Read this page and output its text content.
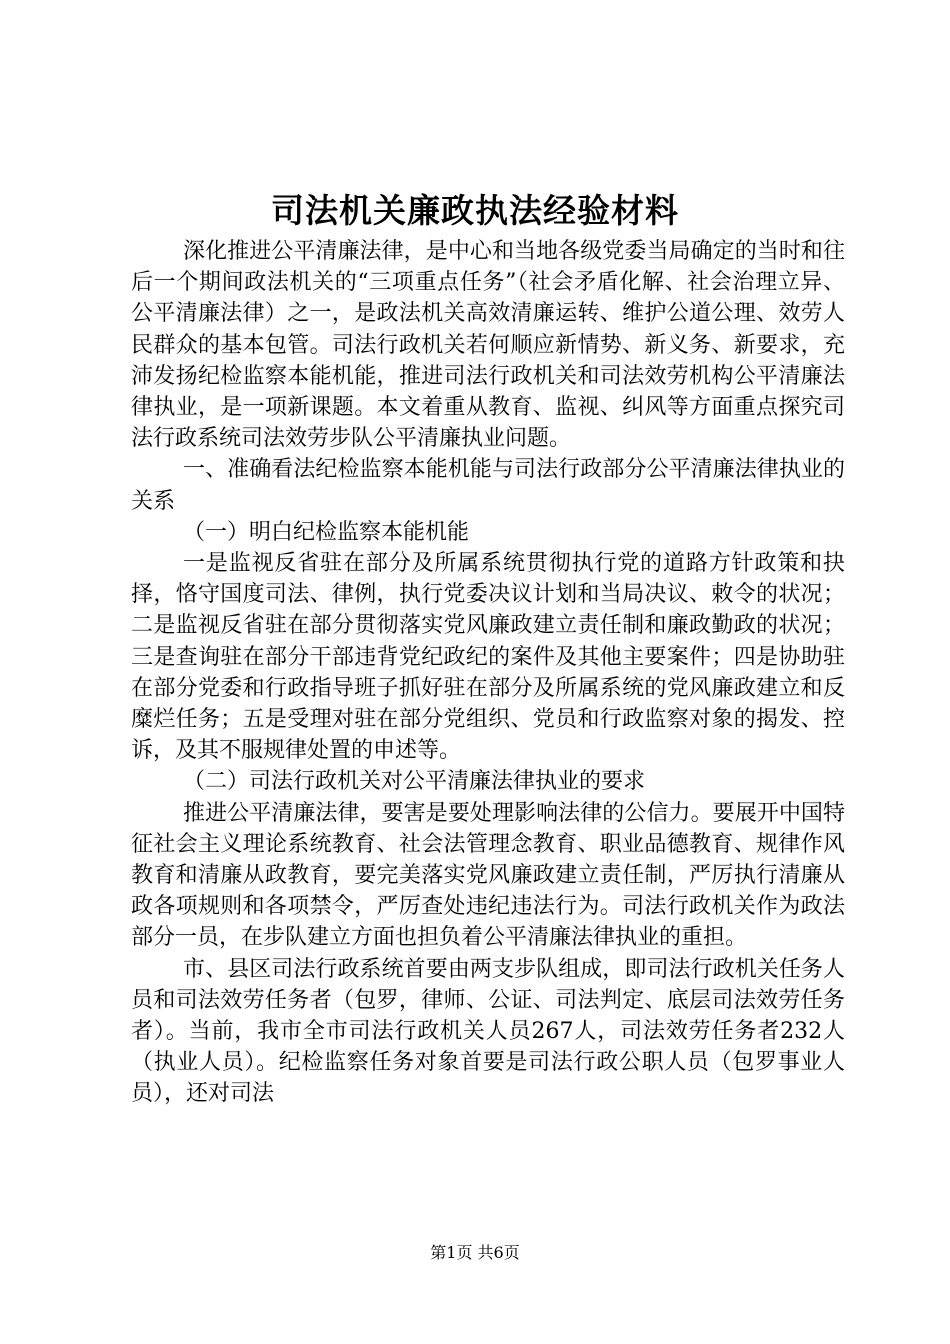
司法机关廉政执法经验材料

深化推进公平清廉法律，是中心和当地各级党委当局确定的当时和往后一个期间政法机关的“三项重点任务”（社会矛盾化解、社会治理立异、公平清廉法律）之一，是政法机关高效清廉运转、维护公道公理、效劳人民群众的基本包管。司法行政机关若何顺应新情势、新义务、新要求，充沛发扬纪检监察本能机能，推进司法行政机关和司法效劳机构公平清廉法律执业，是一项新课题。本文着重从教育、监视、纠风等方面重点探究司法行政系统司法效劳步队公平清廉执业问题。

一、准确看法纪检监察本能机能与司法行政部分公平清廉法律执业的关系

（一）明白纪检监察本能机能

一是监视反省驻在部分及所属系统贯彻执行党的道路方针政策和抉择，恪守国度司法、律例，执行党委决议计划和当局决议、敕令的状况；二是监视反省驻在部分贯彻落实党风廉政建立责任制和廉政勤政的状况；三是查询驻在部分干部违背党纪政纪的案件及其他主要案件；四是协助驻在部分党委和行政指导班子抓好驻在部分及所属系统的党风廉政建立和反糜烂任务；五是受理对驻在部分党组织、党员和行政监察对象的揭发、控诉，及其不服规律处置的申述等。

（二）司法行政机关对公平清廉法律执业的要求

推进公平清廉法律，要害是要处理影响法律的公信力。要展开中国特征社会主义理论系统教育、社会法管理念教育、职业品德教育、规律作风教育和清廉从政教育，要完美落实党风廉政建立责任制，严厉执行清廉从政各项规则和各项禁令，严厉查处违纪违法行为。司法行政机关作为政法部分一员，在步队建立方面也担负着公平清廉法律执业的重担。

市、县区司法行政系统首要由两支步队组成，即司法行政机关任务人员和司法效劳任务者（包罗，律师、公证、司法判定、底层司法效劳任务者）。当前，我市全市司法行政机关人员267人，司法效劳任务者232人（执业人员）。纪检监察任务对象首要是司法行政公职人员（包罗事业人员），还对司法

第1页 共6页
